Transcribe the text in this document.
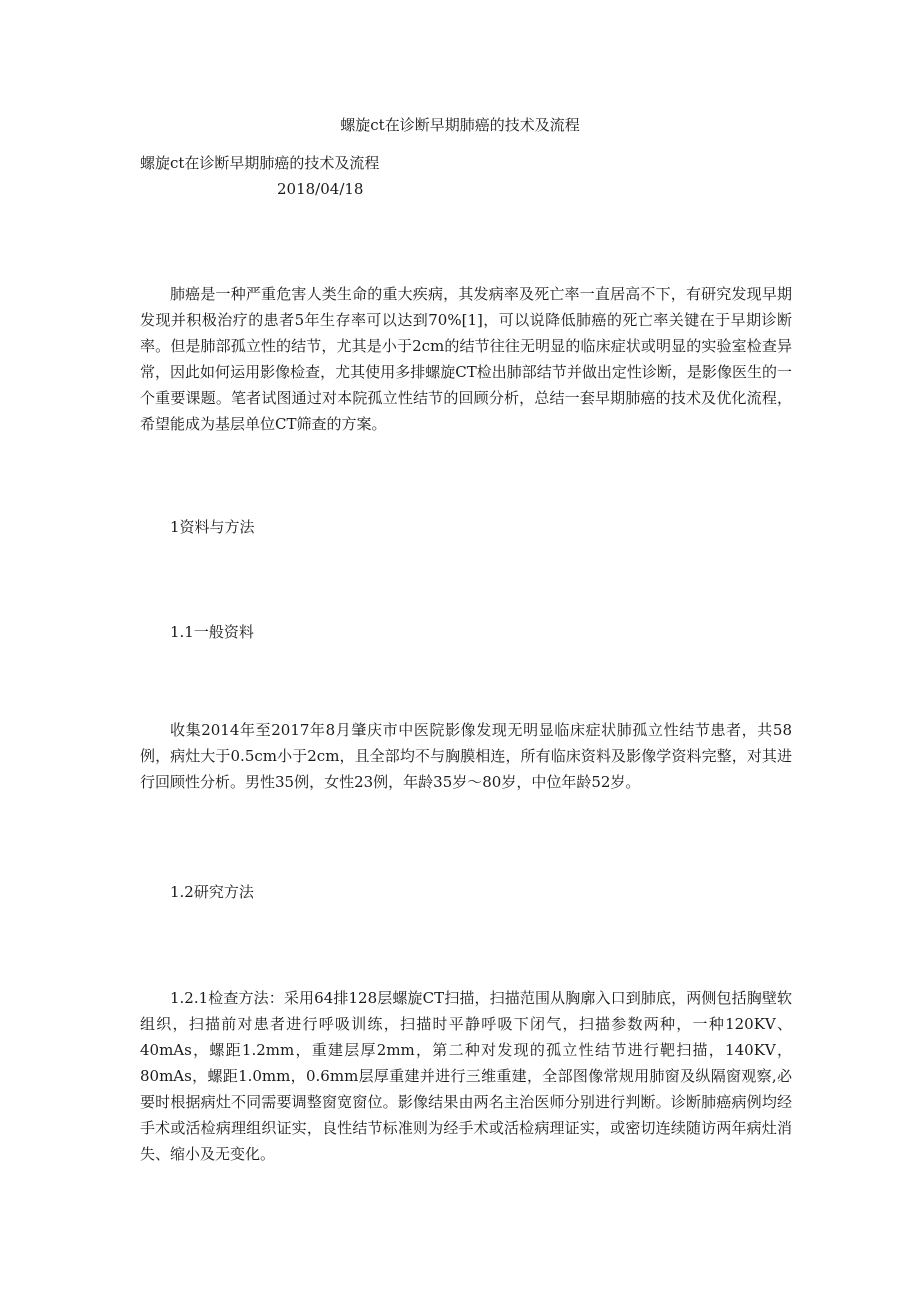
螺旋ct在诊断早期肺癌的技术及流程
螺旋ct在诊断早期肺癌的技术及流程
2018/04/18

肺癌是一种严重危害人类生命的重大疾病，其发病率及死亡率一直居高不下，有研究发现早期发现并积极治疗的患者5年生存率可以达到70%[1]，可以说降低肺癌的死亡率关键在于早期诊断率。但是肺部孤立性的结节，尤其是小于2cm的结节往往无明显的临床症状或明显的实验室检查异常，因此如何运用影像检查，尤其使用多排螺旋CT检出肺部结节并做出定性诊断，是影像医生的一个重要课题。笔者试图通过对本院孤立性结节的回顾分析，总结一套早期肺癌的技术及优化流程，希望能成为基层单位CT筛查的方案。

1资料与方法
1.1一般资料

收集2014年至2017年8月肇庆市中医院影像发现无明显临床症状肺孤立性结节患者，共58例，病灶大于0.5cm小于2cm，且全部均不与胸膜相连，所有临床资料及影像学资料完整，对其进行回顾性分析。男性35例，女性23例，年龄35岁～80岁，中位年龄52岁。

1.2研究方法

1.2.1检查方法：采用64排128层螺旋CT扫描，扫描范围从胸廓入口到肺底，两侧包括胸壁软组织，扫描前对患者进行呼吸训练，扫描时平静呼吸下闭气，扫描参数两种，一种120KV、40mAs，螺距1.2mm，重建层厚2mm，第二种对发现的孤立性结节进行靶扫描，140KV，80mAs，螺距1.0mm，0.6mm层厚重建并进行三维重建，全部图像常规用肺窗及纵隔窗观察,必要时根据病灶不同需要调整窗宽窗位。影像结果由两名主治医师分别进行判断。诊断肺癌病例均经手术或活检病理组织证实，良性结节标准则为经手术或活检病理证实，或密切连续随访两年病灶消失、缩小及无变化。
